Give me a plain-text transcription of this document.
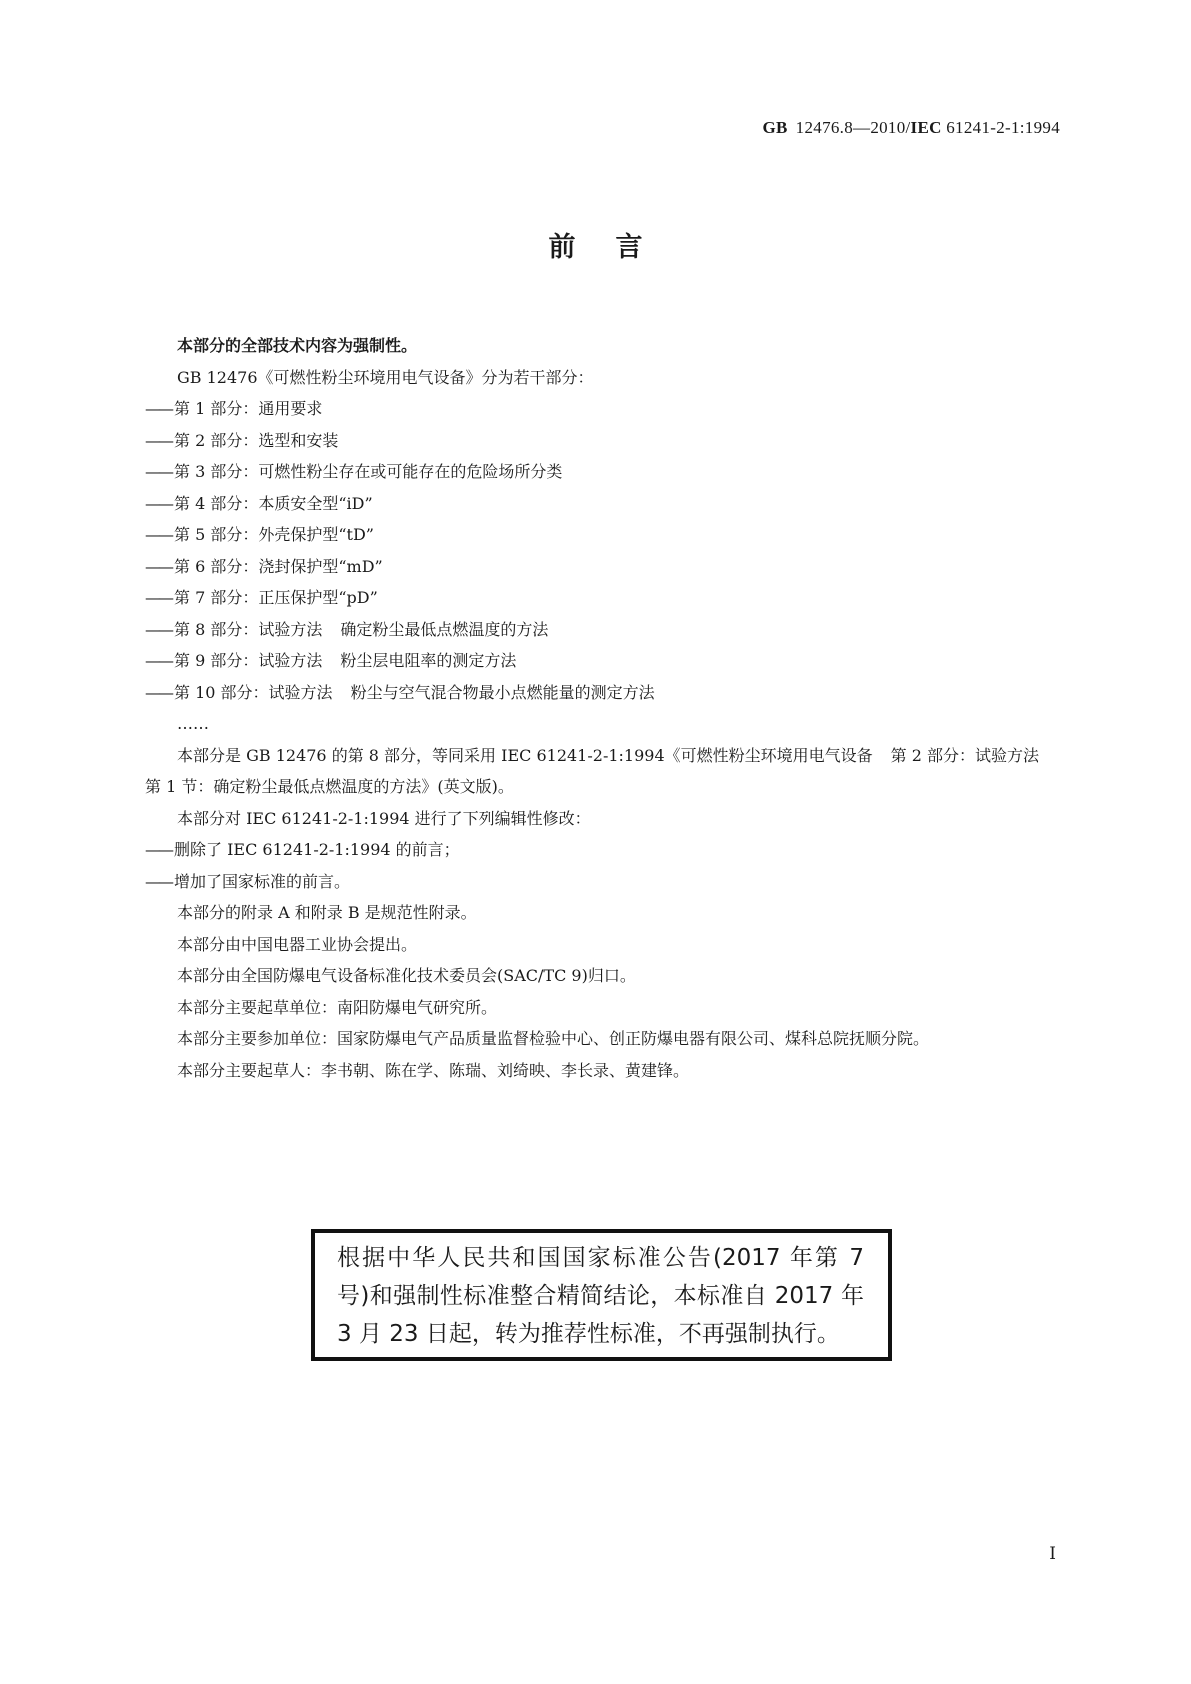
GB 12476.8—2010/IEC 61241-2-1:1994
前言

本部分的全部技术内容为强制性。

GB 12476《可燃性粉尘环境用电气设备》分为若干部分：

—— 第 1 部分：通用要求

—— 第 2 部分：选型和安装

—— 第 3 部分：可燃性粉尘存在或可能存在的危险场所分类

—— 第 4 部分：本质安全型“iD”

—— 第 5 部分：外壳保护型“tD”

—— 第 6 部分：浇封保护型“mD”

—— 第 7 部分：正压保护型“pD”

—— 第 8 部分：试验方法 确定粉尘最低点燃温度的方法

—— 第 9 部分：试验方法 粉尘层电阻率的测定方法

—— 第 10 部分：试验方法 粉尘与空气混合物最小点燃能量的测定方法

……

本部分是 GB 12476 的第 8 部分，等同采用 IEC 61241-2-1:1994《可燃性粉尘环境用电气设备 第 2 部分：试验方法第 1 节：确定粉尘最低点燃温度的方法》(英文版)。

本部分对 IEC 61241-2-1:1994 进行了下列编辑性修改：

—— 删除了 IEC 61241-2-1:1994 的前言；

—— 增加了国家标准的前言。

本部分的附录 A 和附录 B 是规范性附录。

本部分由中国电器工业协会提出。

本部分由全国防爆电气设备标准化技术委员会(SAC/TC 9)归口。

本部分主要起草单位：南阳防爆电气研究所。

本部分主要参加单位：国家防爆电气产品质量监督检验中心、创正防爆电器有限公司、煤科总院抚顺分院。

本部分主要起草人：李书朝、陈在学、陈瑞、刘绮映、李长录、黄建锋。

根据中华人民共和国国家标准公告(2017 年第 7 号)和强制性标准整合精简结论，本标准自 2017 年 3 月 23 日起，转为推荐性标准，不再强制执行。
I
